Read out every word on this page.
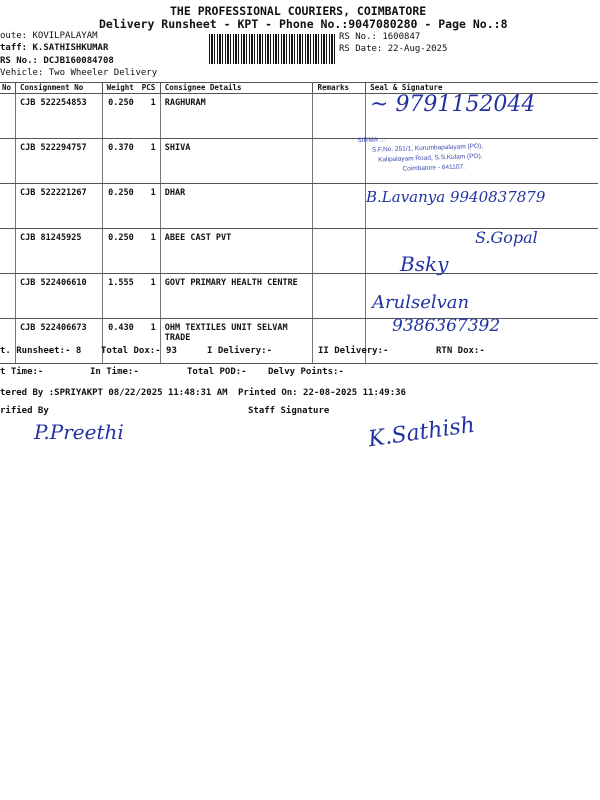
THE PROFESSIONAL COURIERS, COIMBATORE
Delivery Runsheet - KPT - Phone No.:9047080280 - Page No.:8
oute: KOVILPALAYAM
taff: K.SATHISHKUMAR
RS No.: DCJB160084708
Vehicle: Two Wheeler Delivery
RS No.: 1600847
RS Date: 22-Aug-2025
No	Consignment No	Weight	PCS	Consignee Details	Remarks	Seal & Signature
	CJB 522254853	0.250	1	RAGHURAM		
	CJB 522294757	0.370	1	SHIVA		
	CJB 522221267	0.250	1	DHAR		
	CJB 81245925	0.250	1	ABEE CAST PVT		
	CJB 522406610	1.555	1	GOVT PRIMARY HEALTH CENTRE		
	CJB 522406673	0.430	1	OHM TEXTILES UNIT SELVAM TRADE		
SIRMA ...
S.F.No. 251/1, Kurumbapalayam (PO),
Kalipalayam Road, S.S.Kulam (PO),
Coimbatore - 641107.
~ 9791152044
B.Lavanya 9940837879
S.Gopal
Bsky
Arulselvan
9386367392
t. Runsheet:- 8 Total Dox:- 93	I Delivery:-	II Delivery:-	RTN Dox:-
t Time:-	In Time:-	Total POD:- Delvy Points:-
tered By :SPRIYAKPT 08/22/2025 11:48:31 AM Printed On: 22-08-2025 11:49:36
rified By	Staff Signature
P.Preethi	K.Sathish
